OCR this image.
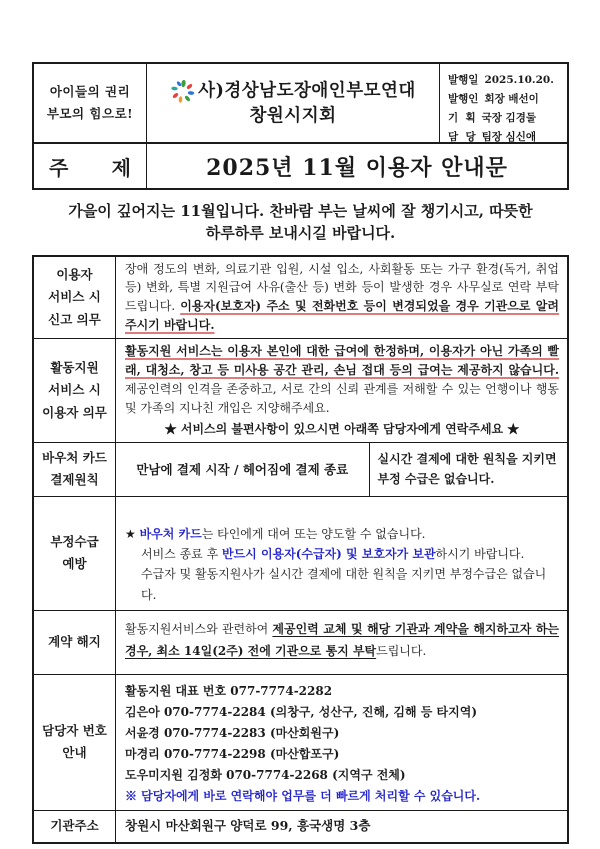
아이들의 권리
부모의 힘으로!
사)경상남도장애인부모연대
창원시지회
발행일 2025.10.20.
발행인 회장 배선이
기  획 국장 김경둘
담  당 팀장 심신애
주 제	2025년 11월 이용자 안내문
가을이 깊어지는 11월입니다. 찬바람 부는 날씨에 잘 챙기시고, 따뜻한
하루하루 보내시길 바랍니다.
이용자
서비스 시
신고 의무
장애 정도의 변화, 의료기관 입원, 시설 입소, 사회활동 또는 가구 환경(독거, 취업 등) 변화, 특별 지원급여 사유(출산 등) 변화 등이 발생한 경우 사무실로 연락 부탁드립니다. 이용자(보호자) 주소 및 전화번호 등이 변경되었을 경우 기관으로 알려주시기 바랍니다.
활동지원
서비스 시
이용자 의무
활동지원 서비스는 이용자 본인에 대한 급여에 한정하며, 이용자가 아닌 가족의 빨래, 대청소, 창고 등 미사용 공간 관리, 손님 접대 등의 급여는 제공하지 않습니다. 제공인력의 인격을 존중하고, 서로 간의 신뢰 관계를 저해할 수 있는 언행이나 행동 및 가족의 지나친 개입은 지양해주세요.
★ 서비스의 불편사항이 있으시면 아래쪽 담당자에게 연락주세요 ★
바우처 카드
결제원칙
만남에 결제 시작 / 헤어짐에 결제 종료
실시간 결제에 대한 원칙을 지키면
부정 수급은 없습니다.
부정수급
예방
★ 바우처 카드는 타인에게 대여 또는 양도할 수 없습니다.
서비스 종료 후 반드시 이용자(수급자) 및 보호자가 보관하시기 바랍니다.
수급자 및 활동지원사가 실시간 결제에 대한 원칙을 지키면 부정수급은 없습니다.
계약 해지
활동지원서비스와 관련하여 제공인력 교체 및 해당 기관과 계약을 해지하고자 하는 경우, 최소 14일(2주) 전에 기관으로 통지 부탁드립니다.
담당자 번호
안내
활동지원 대표 번호 077-7774-2282
김은아 070-7774-2284 (의창구, 성산구, 진해, 김해 등 타지역)
서윤경 070-7774-2283 (마산회원구)
마경리 070-7774-2298 (마산합포구)
도우미지원 김정화 070-7774-2268 (지역구 전체)
※ 담당자에게 바로 연락해야 업무를 더 빠르게 처리할 수 있습니다.
기관주소	창원시 마산회원구 양덕로 99, 흥국생명 3층
